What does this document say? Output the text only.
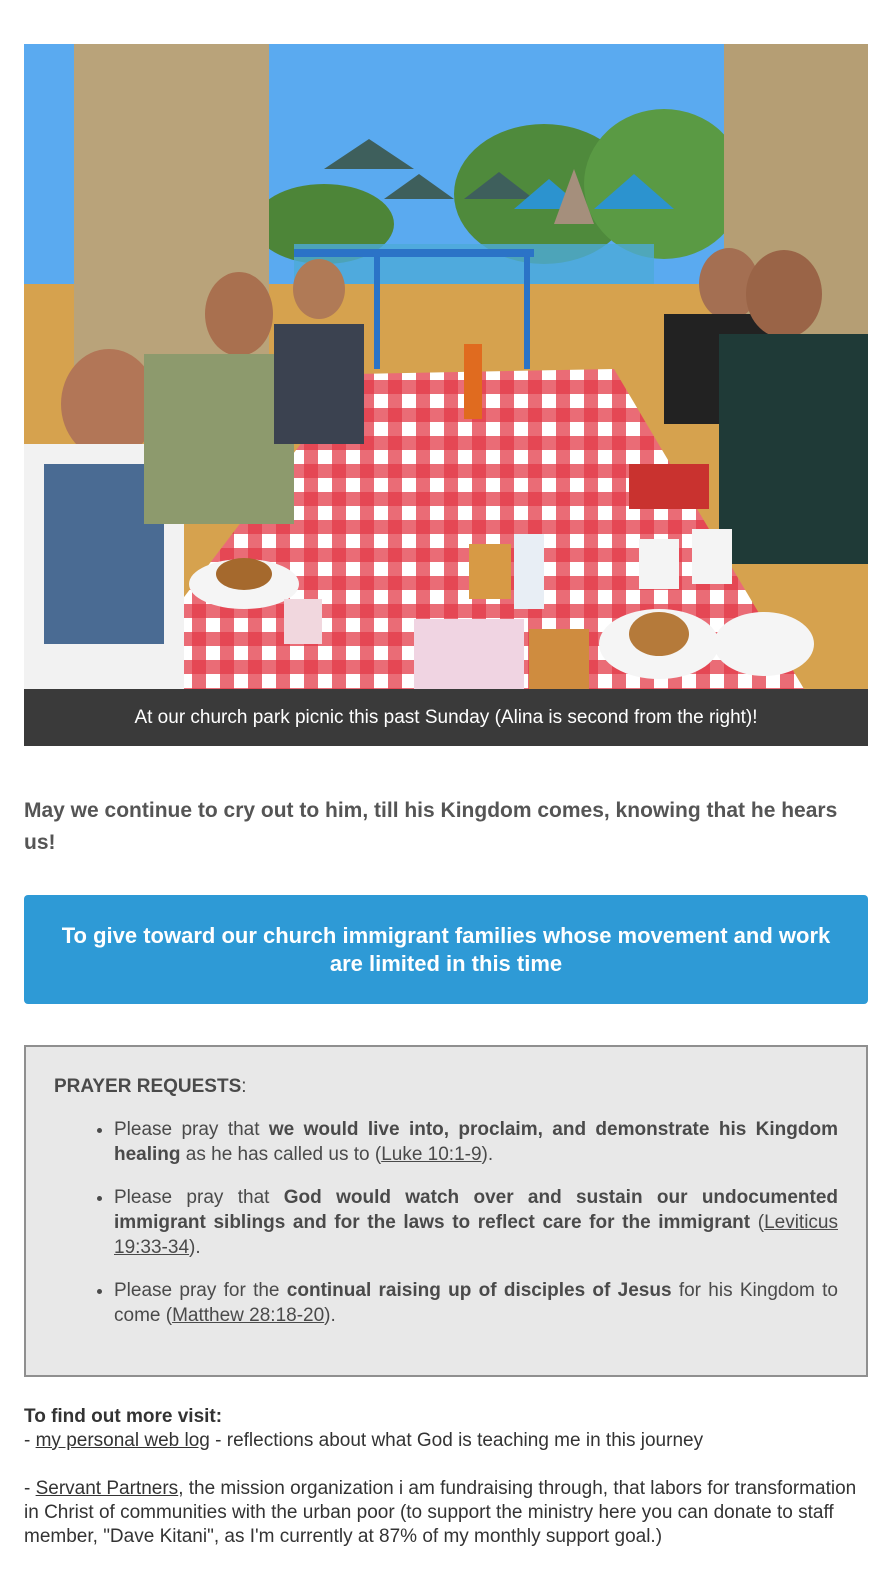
At our church park picnic this past Sunday (Alina is second from the right)!
May we continue to cry out to him, till his Kingdom comes, knowing that he hears us!
To give toward our church immigrant families whose movement and work are limited in this time

PRAYER REQUESTS:

• Please pray that we would live into, proclaim, and demonstrate his Kingdom healing as he has called us to (Luke 10:1-9).
• Please pray that God would watch over and sustain our undocumented immigrant siblings and for the laws to reflect care for the immigrant (Leviticus 19:33-34).
• Please pray for the continual raising up of disciples of Jesus for his Kingdom to come (Matthew 28:18-20).

To find out more visit:

- my personal web log - reflections about what God is teaching me in this journey

- Servant Partners, the mission organization i am fundraising through, that labors for transformation in Christ of communities with the urban poor (to support the ministry here you can donate to staff member, "Dave Kitani", as I'm currently at 87% of my monthly support goal.)
